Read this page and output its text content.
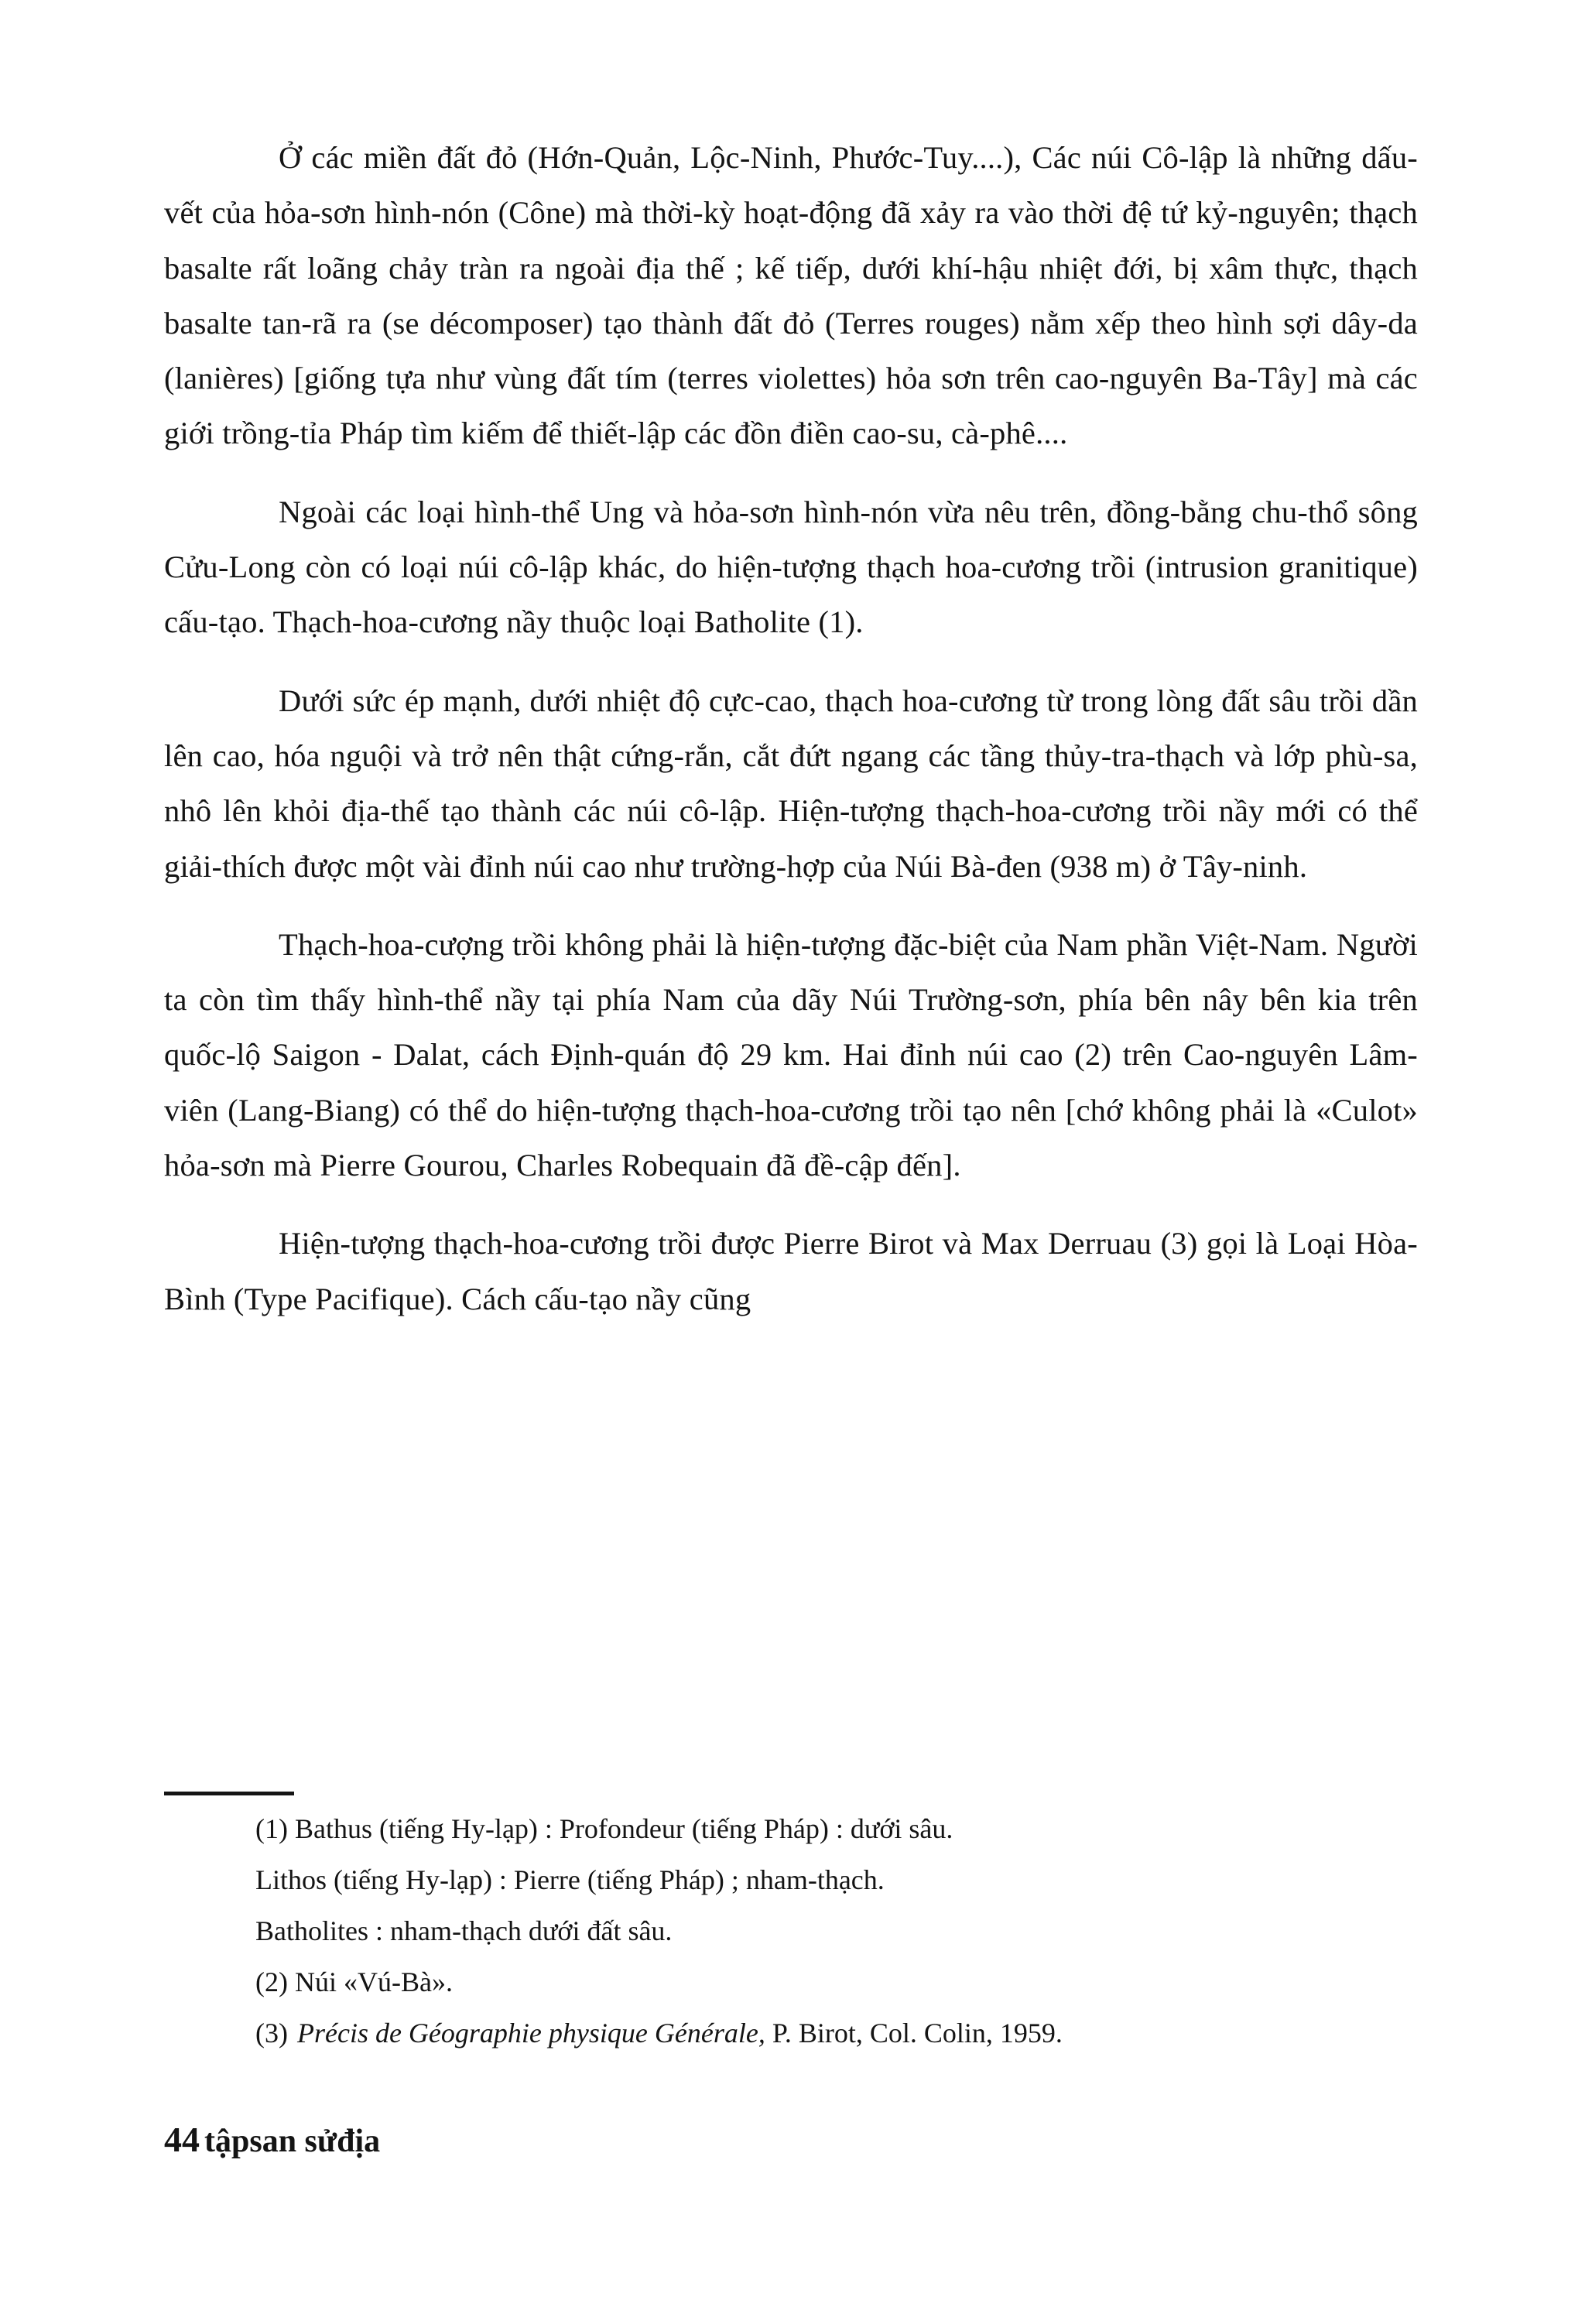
Ở các miền đất đỏ (Hớn-Quản, Lộc-Ninh, Phước-Tuy....), Các núi Cô-lập là những dấu-vết của hỏa-sơn hình-nón (Cône) mà thời-kỳ hoạt-động đã xảy ra vào thời đệ tứ kỷ-nguyên; thạch basalte rất loãng chảy tràn ra ngoài địa thế ; kế tiếp, dưới khí-hậu nhiệt đới, bị xâm thực, thạch basalte tan-rã ra (se décomposer) tạo thành đất đỏ (Terres rouges) nằm xếp theo hình sợi dây-da (lanières) [giống tựa như vùng đất tím (terres violettes) hỏa sơn trên cao-nguyên Ba-Tây] mà các giới trồng-tỉa Pháp tìm kiếm để thiết-lập các đồn điền cao-su, cà-phê....

Ngoài các loại hình-thể Ung và hỏa-sơn hình-nón vừa nêu trên, đồng-bằng chu-thổ sông Cửu-Long còn có loại núi cô-lập khác, do hiện-tượng thạch hoa-cương trồi (intrusion granitique) cấu-tạo. Thạch-hoa-cương nầy thuộc loại Batholite (1).

Dưới sức ép mạnh, dưới nhiệt độ cực-cao, thạch hoa-cương từ trong lòng đất sâu trồi dần lên cao, hóa nguội và trở nên thật cứng-rắn, cắt đứt ngang các tầng thủy-tra-thạch và lớp phù-sa, nhô lên khỏi địa-thế tạo thành các núi cô-lập. Hiện-tượng thạch-hoa-cương trồi nầy mới có thể giải-thích được một vài đỉnh núi cao như trường-hợp của Núi Bà-đen (938 m) ở Tây-ninh.

Thạch-hoa-cượng trồi không phải là hiện-tượng đặc-biệt của Nam phần Việt-Nam. Người ta còn tìm thấy hình-thể nầy tại phía Nam của dãy Núi Trường-sơn, phía bên nây bên kia trên quốc-lộ Saigon - Dalat, cách Định-quán độ 29 km. Hai đỉnh núi cao (2) trên Cao-nguyên Lâm-viên (Lang-Biang) có thể do hiện-tượng thạch-hoa-cương trồi tạo nên [chớ không phải là «Culot» hỏa-sơn mà Pierre Gourou, Charles Robequain đã đề-cập đến].

Hiện-tượng thạch-hoa-cương trồi được Pierre Birot và Max Derruau (3) gọi là Loại Hòa-Bình (Type Pacifique). Cách cấu-tạo nầy cũng

(1) Bathus (tiếng Hy-lạp) : Profondeur (tiếng Pháp) : dưới sâu.

Lithos (tiếng Hy-lạp) : Pierre (tiếng Pháp) ; nham-thạch.

Batholites : nham-thạch dưới đất sâu.

(2) Núi «Vú-Bà».

(3) Précis de Géographie physique Générale, P. Birot, Col. Colin, 1959.

44 tậpsan sửđịa
